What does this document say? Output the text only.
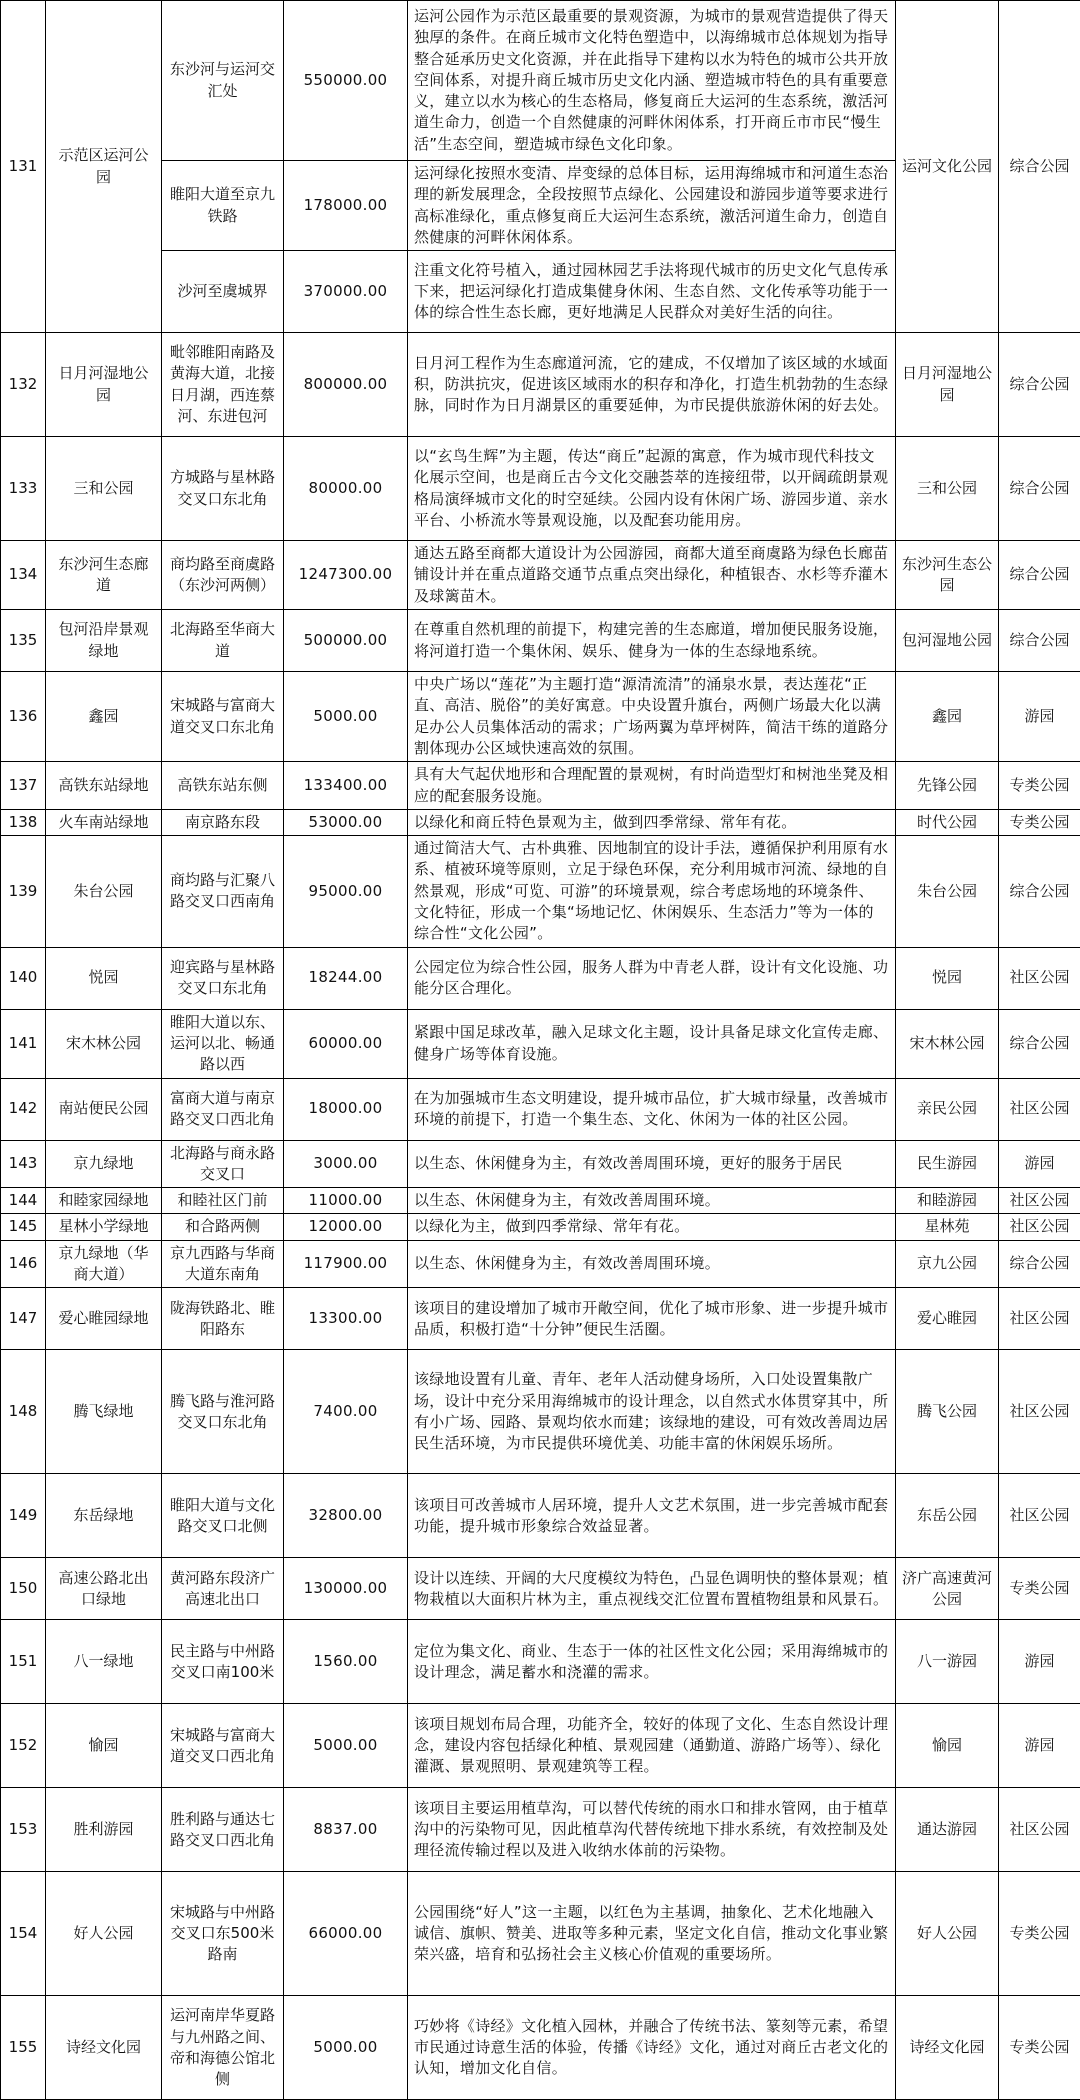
131	示范区运河公园	东沙河与运河交汇处	550000.00	运河公园作为示范区最重要的景观资源，为城市的景观营造提供了得天独厚的条件。在商丘城市文化特色塑造中，以海绵城市总体规划为指导整合延承历史文化资源，并在此指导下建构以水为特色的城市公共开放空间体系，对提升商丘城市历史文化内涵、塑造城市特色的具有重要意义，建立以水为核心的生态格局，修复商丘大运河的生态系统，激活河道生命力，创造一个自然健康的河畔休闲体系，打开商丘市市民“慢生活”生态空间，塑造城市绿色文化印象。	运河文化公园	综合公园
		睢阳大道至京九铁路	178000.00	运河绿化按照水变清、岸变绿的总体目标，运用海绵城市和河道生态治理的新发展理念，全段按照节点绿化、公园建设和游园步道等要求进行高标准绿化，重点修复商丘大运河生态系统，激活河道生命力，创造自然健康的河畔休闲体系。		
		沙河至虞城界	370000.00	注重文化符号植入，通过园林园艺手法将现代城市的历史文化气息传承下来，把运河绿化打造成集健身休闲、生态自然、文化传承等功能于一体的综合性生态长廊，更好地满足人民群众对美好生活的向往。		
132	日月河湿地公园	毗邻睢阳南路及黄海大道，北接日月湖，西连蔡河、东进包河	800000.00	日月河工程作为生态廊道河流，它的建成，不仅增加了该区域的水域面积，防洪抗灾，促进该区域雨水的积存和净化，打造生机勃勃的生态绿脉，同时作为日月湖景区的重要延伸，为市民提供旅游休闲的好去处。	日月河湿地公园	综合公园
133	三和公园	方城路与星林路交叉口东北角	80000.00	以“玄鸟生辉”为主题，传达“商丘”起源的寓意，作为城市现代科技文化展示空间，也是商丘古今文化交融荟萃的连接纽带，以开阔疏朗景观格局演绎城市文化的时空延续。公园内设有休闲广场、游园步道、亲水平台、小桥流水等景观设施，以及配套功能用房。	三和公园	综合公园
134	东沙河生态廊道	商均路至商虞路（东沙河两侧）	1247300.00	通达五路至商都大道设计为公园游园，商都大道至商虞路为绿色长廊苗铺设计并在重点道路交通节点重点突出绿化，种植银杏、水杉等乔灌木及球篱苗木。	东沙河生态公园	综合公园
135	包河沿岸景观绿地	北海路至华商大道	500000.00	在尊重自然机理的前提下，构建完善的生态廊道，增加便民服务设施，将河道打造一个集休闲、娱乐、健身为一体的生态绿地系统。	包河湿地公园	综合公园
136	鑫园	宋城路与富商大道交叉口东北角	5000.00	中央广场以“莲花”为主题打造“源清流清”的涌泉水景，表达莲花“正直、高洁、脱俗”的美好寓意。中央设置升旗台，两侧广场最大化以满足办公人员集体活动的需求；广场两翼为草坪树阵，简洁干练的道路分割体现办公区域快速高效的氛围。	鑫园	游园
137	高铁东站绿地	高铁东站东侧	133400.00	具有大气起伏地形和合理配置的景观树，有时尚造型灯和树池坐凳及相应的配套服务设施。	先锋公园	专类公园
138	火车南站绿地	南京路东段	53000.00	以绿化和商丘特色景观为主，做到四季常绿、常年有花。	时代公园	专类公园
139	朱台公园	商均路与汇聚八路交叉口西南角	95000.00	通过简洁大气、古朴典雅、因地制宜的设计手法，遵循保护利用原有水系、植被环境等原则，立足于绿色环保，充分利用城市河流、绿地的自然景观，形成“可览、可游”的环境景观，综合考虑场地的环境条件、文化特征，形成一个集“场地记忆、休闲娱乐、生态活力”等为一体的综合性“文化公园”。	朱台公园	综合公园
140	悦园	迎宾路与星林路交叉口东北角	18244.00	公园定位为综合性公园，服务人群为中青老人群，设计有文化设施、功能分区合理化。	悦园	社区公园
141	宋木林公园	睢阳大道以东、运河以北、畅通路以西	60000.00	紧跟中国足球改革，融入足球文化主题，设计具备足球文化宣传走廊、健身广场等体育设施。	宋木林公园	综合公园
142	南站便民公园	富商大道与南京路交叉口西北角	18000.00	在为加强城市生态文明建设，提升城市品位，扩大城市绿量，改善城市环境的前提下，打造一个集生态、文化、休闲为一体的社区公园。	亲民公园	社区公园
143	京九绿地	北海路与商永路交叉口	3000.00	以生态、休闲健身为主，有效改善周围环境，更好的服务于居民	民生游园	游园
144	和睦家园绿地	和睦社区门前	11000.00	以生态、休闲健身为主，有效改善周围环境。	和睦游园	社区公园
145	星林小学绿地	和合路两侧	12000.00	以绿化为主，做到四季常绿、常年有花。	星林苑	社区公园
146	京九绿地（华商大道）	京九西路与华商大道东南角	117900.00	以生态、休闲健身为主，有效改善周围环境。	京九公园	综合公园
147	爱心睢园绿地	陇海铁路北、睢阳路东	13300.00	该项目的建设增加了城市开敞空间，优化了城市形象、进一步提升城市品质，积极打造“十分钟”便民生活圈。	爱心睢园	社区公园
148	腾飞绿地	腾飞路与淮河路交叉口东北角	7400.00	该绿地设置有儿童、青年、老年人活动健身场所，入口处设置集散广场，设计中充分采用海绵城市的设计理念，以自然式水体贯穿其中，所有小广场、园路、景观均依水而建；该绿地的建设，可有效改善周边居民生活环境，为市民提供环境优美、功能丰富的休闲娱乐场所。	腾飞公园	社区公园
149	东岳绿地	睢阳大道与文化路交叉口北侧	32800.00	该项目可改善城市人居环境，提升人文艺术氛围，进一步完善城市配套功能，提升城市形象综合效益显著。	东岳公园	社区公园
150	高速公路北出口绿地	黄河路东段济广高速北出口	130000.00	设计以连续、开阔的大尺度模纹为特色，凸显色调明快的整体景观；植物栽植以大面积片林为主，重点视线交汇位置布置植物组景和风景石。	济广高速黄河公园	专类公园
151	八一绿地	民主路与中州路交叉口南100米	1560.00	定位为集文化、商业、生态于一体的社区性文化公园；采用海绵城市的设计理念，满足蓄水和浇灌的需求。	八一游园	游园
152	愉园	宋城路与富商大道交叉口西北角	5000.00	该项目规划布局合理，功能齐全，较好的体现了文化、生态自然设计理念，建设内容包括绿化种植、景观园建（通勤道、游路广场等）、绿化灌溉、景观照明、景观建筑等工程。	愉园	游园
153	胜利游园	胜利路与通达七路交叉口西北角	8837.00	该项目主要运用植草沟，可以替代传统的雨水口和排水管网，由于植草沟中的污染物可见，因此植草沟代替传统地下排水系统，有效控制及处理径流传输过程以及进入收纳水体前的污染物。	通达游园	社区公园
154	好人公园	宋城路与中州路交叉口东500米路南	66000.00	公园围绕“好人”这一主题，以红色为主基调，抽象化、艺术化地融入诚信、旗帜、赞美、进取等多种元素，坚定文化自信，推动文化事业繁荣兴盛，培育和弘扬社会主义核心价值观的重要场所。	好人公园	专类公园
155	诗经文化园	运河南岸华夏路与九州路之间、帝和海德公馆北侧	5000.00	巧妙将《诗经》文化植入园林，并融合了传统书法、篆刻等元素，希望市民通过诗意生活的体验，传播《诗经》文化，通过对商丘古老文化的认知，增加文化自信。	诗经文化园	专类公园
